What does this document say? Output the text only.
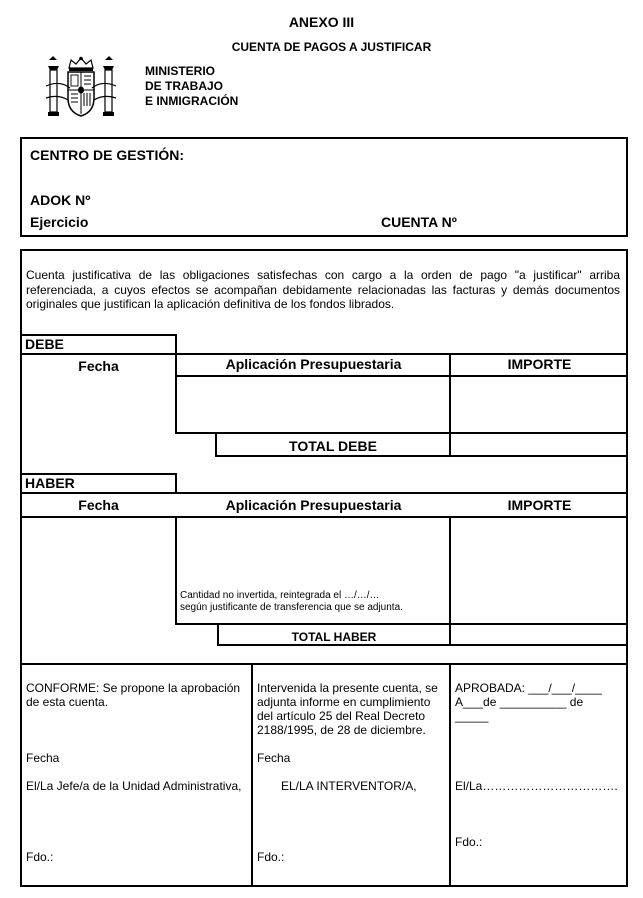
ANEXO III
CUENTA DE PAGOS A JUSTIFICAR
MINISTERIO
DE TRABAJO
E INMIGRACIÓN
CENTRO DE GESTIÓN:
ADOK Nº
Ejercicio	CUENTA Nº
Cuenta justificativa de las obligaciones satisfechas con cargo a la orden de pago "a justificar" arriba referenciada, a cuyos efectos se acompañan debidamente relacionadas las facturas y demás documentos originales que justifican la aplicación definitiva de los fondos librados.
DEBE
Fecha	Aplicación Presupuestaria	IMPORTE
TOTAL DEBE
HABER
Fecha	Aplicación Presupuestaria	IMPORTE
Cantidad no invertida, reintegrada el …/…/…
según justificante de transferencia que se adjunta.
TOTAL HABER
CONFORME: Se propone la aprobación
de esta cuenta.
Fecha
El/La Jefe/a de la Unidad Administrativa,
Fdo.:
Intervenida la presente cuenta, se
adjunta informe en cumplimiento
del artículo 25 del Real Decreto
2188/1995, de 28 de diciembre.
Fecha
EL/LA INTERVENTOR/A,
Fdo.:
APROBADA: ___/___/____
A___de __________ de
_____
El/La…………………………….
Fdo.:
